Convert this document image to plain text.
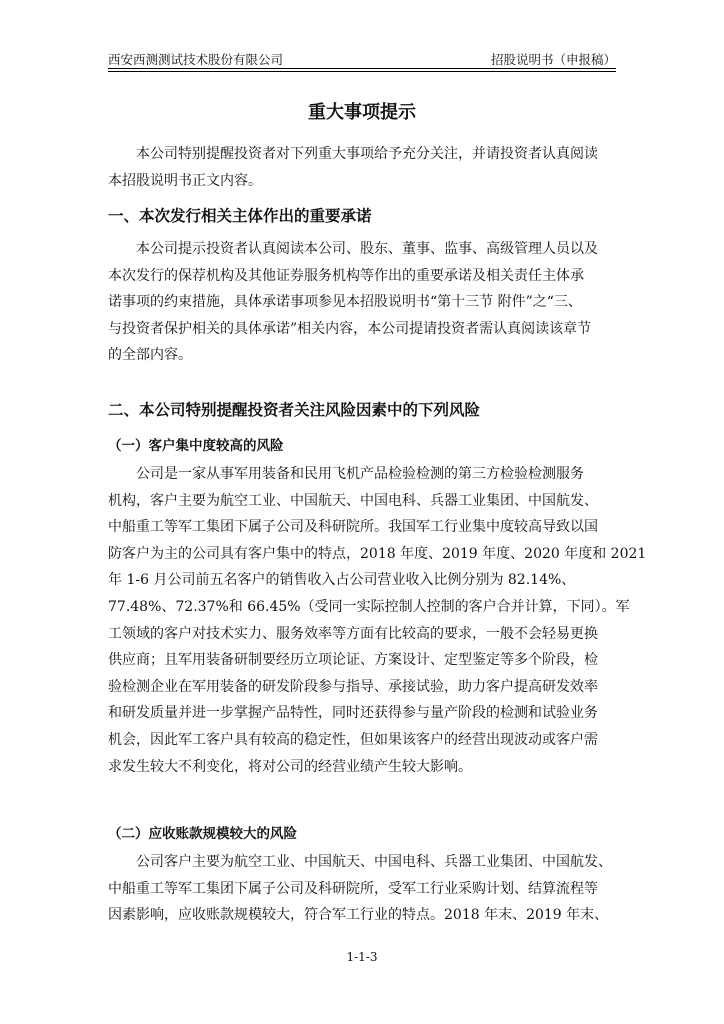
西安西测测试技术股份有限公司	招股说明书（申报稿）
重大事项提示
本公司特别提醒投资者对下列重大事项给予充分关注，并请投资者认真阅读
本招股说明书正文内容。
一、本次发行相关主体作出的重要承诺
本公司提示投资者认真阅读本公司、股东、董事、监事、高级管理人员以及
本次发行的保荐机构及其他证券服务机构等作出的重要承诺及相关责任主体承
诺事项的约束措施，具体承诺事项参见本招股说明书“第十三节 附件”之“三、
与投资者保护相关的具体承诺”相关内容，本公司提请投资者需认真阅读该章节
的全部内容。
二、本公司特别提醒投资者关注风险因素中的下列风险
（一）客户集中度较高的风险
公司是一家从事军用装备和民用飞机产品检验检测的第三方检验检测服务
机构，客户主要为航空工业、中国航天、中国电科、兵器工业集团、中国航发、
中船重工等军工集团下属子公司及科研院所。我国军工行业集中度较高导致以国
防客户为主的公司具有客户集中的特点，2018 年度、2019 年度、2020 年度和 2021
年 1-6 月公司前五名客户的销售收入占公司营业收入比例分别为 82.14%、
77.48%、72.37%和 66.45%（受同一实际控制人控制的客户合并计算，下同）。军
工领域的客户对技术实力、服务效率等方面有比较高的要求，一般不会轻易更换
供应商；且军用装备研制要经历立项论证、方案设计、定型鉴定等多个阶段，检
验检测企业在军用装备的研发阶段参与指导、承接试验，助力客户提高研发效率
和研发质量并进一步掌握产品特性，同时还获得参与量产阶段的检测和试验业务
机会，因此军工客户具有较高的稳定性，但如果该客户的经营出现波动或客户需
求发生较大不利变化，将对公司的经营业绩产生较大影响。
（二）应收账款规模较大的风险
公司客户主要为航空工业、中国航天、中国电科、兵器工业集团、中国航发、
中船重工等军工集团下属子公司及科研院所，受军工行业采购计划、结算流程等
因素影响，应收账款规模较大，符合军工行业的特点。2018 年末、2019 年末、
1-1-3
